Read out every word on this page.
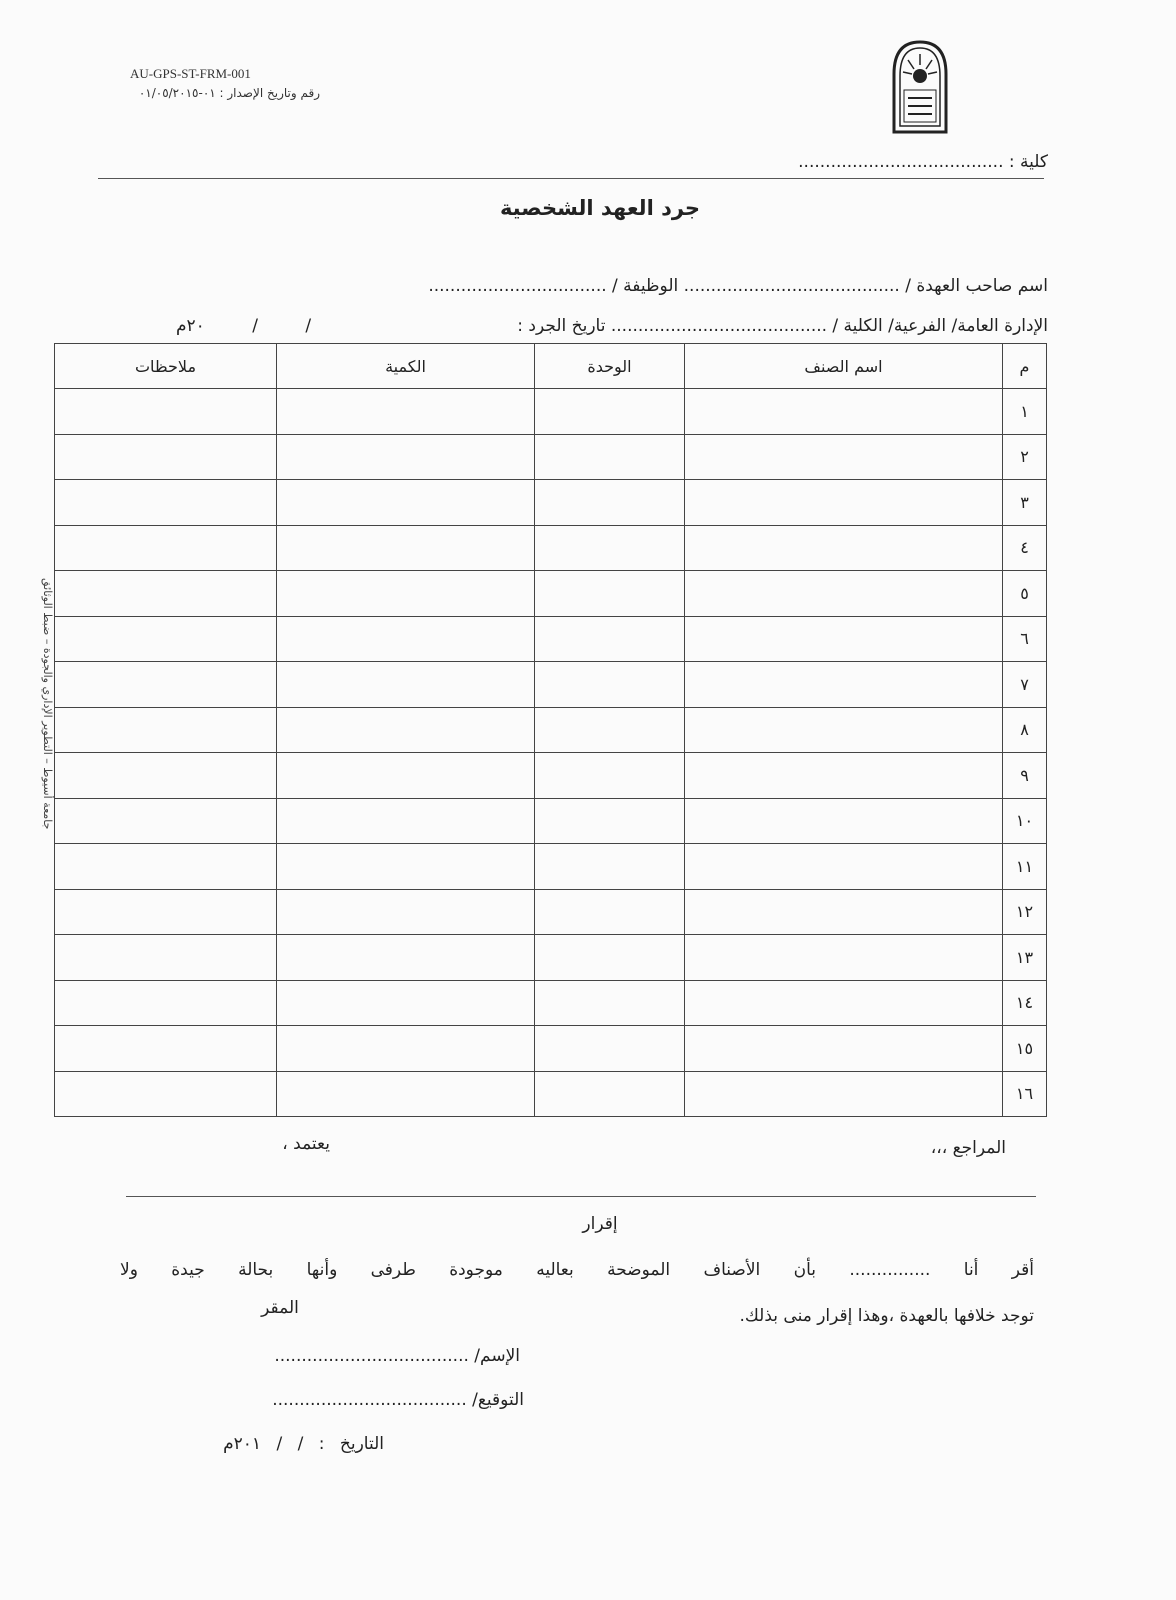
AU-GPS-ST-FRM-001
رقم وتاريخ الإصدار : ٠١-٠١/٠٥/٢٠١٥
كلية : ......................................
جرد العهد الشخصية
اسم صاحب العهدة / ........................................ الوظيفة / .................................
الإدارة العامة/ الفرعية/ الكلية / ........................................ تاريخ الجرد :
/ / ٢٠م
م	اسم الصنف	الوحدة	الكمية	ملاحظات
١				
٢				
٣				
٤				
٥				
٦				
٧				
٨				
٩				
١٠				
١١				
١٢				
١٣				
١٤				
١٥				
١٦				
جامعة أسيوط – التطوير الإداري والجودة – ضبط الوثائق
المراجع ،،،
يعتمد ،
إقرار
أقر أنا ............... بأن الأصناف الموضحة بعاليه موجودة طرفى وأنها بحالة جيدة ولا
توجد خلافها بالعهدة ،وهذا إقرار منى بذلك.
المقر
الإسم/ ....................................
التوقيع/ ....................................
التاريخ : / / ٢٠١م
